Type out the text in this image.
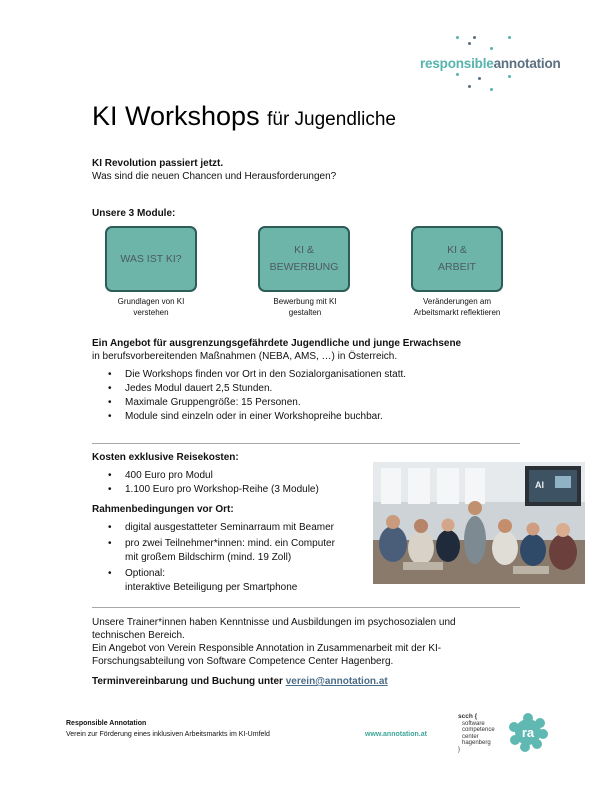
responsibleannotation
KI Workshops für Jugendliche
KI Revolution passiert jetzt.
Was sind die neuen Chancen und Herausforderungen?
Unsere 3 Module:
WAS IST KI?
Grundlagen von KI
verstehen
KI &
BEWERBUNG
Bewerbung mit KI
gestalten
KI &
ARBEIT
Veränderungen am
Arbeitsmarkt reflektieren
Ein Angebot für ausgrenzungsgefährdete Jugendliche und junge Erwachsene
in berufsvorbereitenden Maßnahmen (NEBA, AMS, …) in Österreich.
• Die Workshops finden vor Ort in den Sozialorganisationen statt.
• Jedes Modul dauert 2,5 Stunden.
• Maximale Gruppengröße: 15 Personen.
• Module sind einzeln oder in einer Workshopreihe buchbar.
Kosten exklusive Reisekosten:
• 400 Euro pro Modul
• 1.100 Euro pro Workshop-Reihe (3 Module)
Rahmenbedingungen vor Ort:
• digital ausgestatteter Seminarraum mit Beamer
• pro zwei Teilnehmer*innen: mind. ein Computer
mit großem Bildschirm (mind. 19 Zoll)
• Optional:
interaktive Beteiligung per Smartphone
AI
Unsere Trainer*innen haben Kenntnisse und Ausbildungen im psychosozialen und
technischen Bereich.
Ein Angebot von Verein Responsible Annotation in Zusammenarbeit mit der KI-
Forschungsabteilung von Software Competence Center Hagenberg.
Terminvereinbarung und Buchung unter verein@annotation.at
Responsible Annotation
Verein zur Förderung eines inklusiven Arbeitsmarkts im KI-Umfeld	www.annotation.at
scch {
software
competence
center
hagenberg
}
ra
